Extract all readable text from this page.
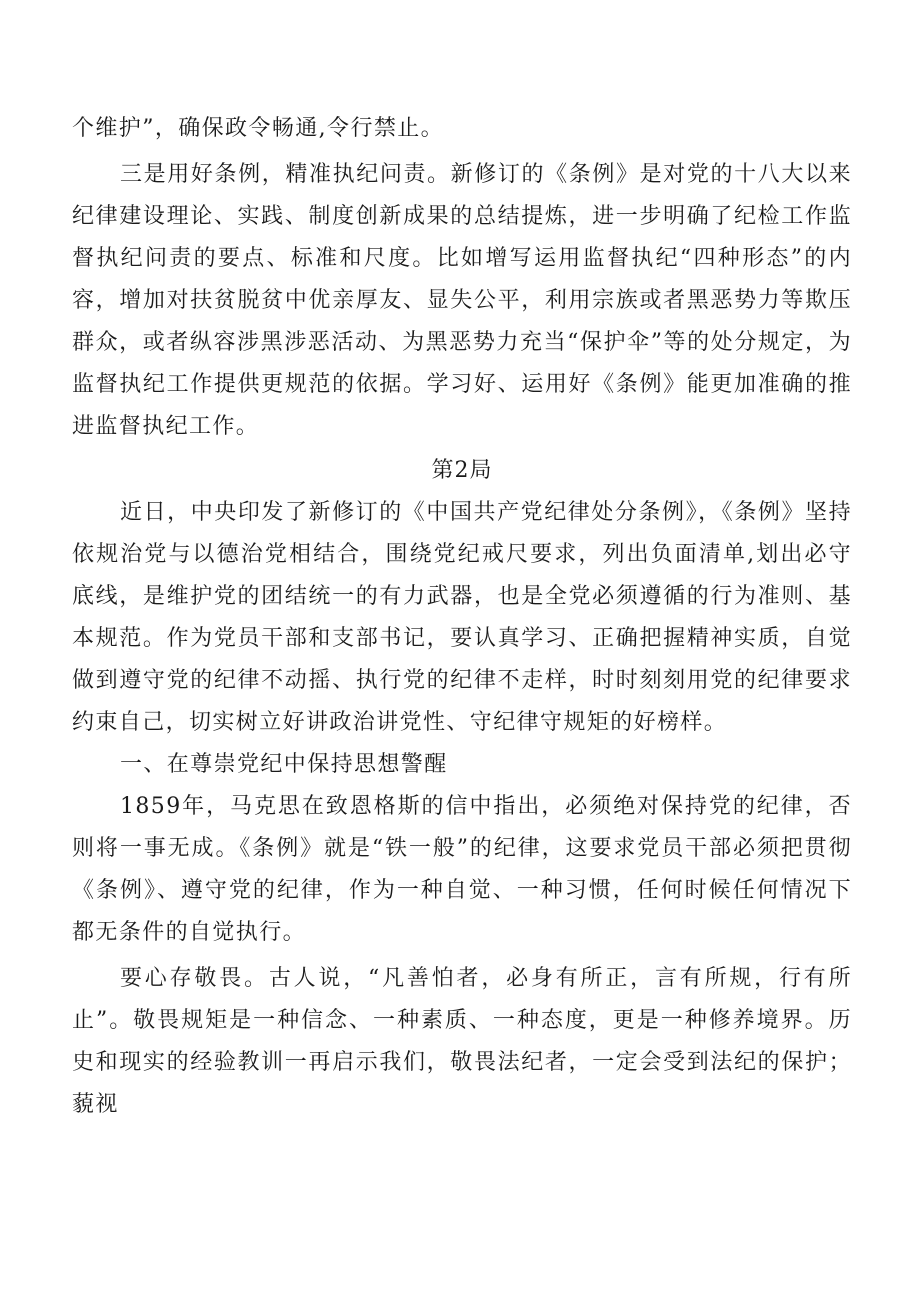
个维护”，确保政令畅通,令行禁止。

三是用好条例，精准执纪问责。新修订的《条例》是对党的十八大以来纪律建设理论、实践、制度创新成果的总结提炼，进一步明确了纪检工作监督执纪问责的要点、标准和尺度。比如增写运用监督执纪“四种形态”的内容，增加对扶贫脱贫中优亲厚友、显失公平，利用宗族或者黑恶势力等欺压群众，或者纵容涉黑涉恶活动、为黑恶势力充当“保护伞”等的处分规定，为监督执纪工作提供更规范的依据。学习好、运用好《条例》能更加准确的推进监督执纪工作。

第2局

近日，中央印发了新修订的《中国共产党纪律处分条例》，《条例》坚持依规治党与以德治党相结合，围绕党纪戒尺要求，列出负面清单,划出必守底线，是维护党的团结统一的有力武器，也是全党必须遵循的行为准则、基本规范。作为党员干部和支部书记，要认真学习、正确把握精神实质，自觉做到遵守党的纪律不动摇、执行党的纪律不走样，时时刻刻用党的纪律要求约束自己，切实树立好讲政治讲党性、守纪律守规矩的好榜样。

一、在尊崇党纪中保持思想警醒

1859年，马克思在致恩格斯的信中指出，必须绝对保持党的纪律，否则将一事无成。《条例》就是“铁一般”的纪律，这要求党员干部必须把贯彻《条例》、遵守党的纪律，作为一种自觉、一种习惯，任何时候任何情况下都无条件的自觉执行。

要心存敬畏。古人说，“凡善怕者，必身有所正，言有所规，行有所止”。敬畏规矩是一种信念、一种素质、一种态度，更是一种修养境界。历史和现实的经验教训一再启示我们，敬畏法纪者，一定会受到法纪的保护；藐视
